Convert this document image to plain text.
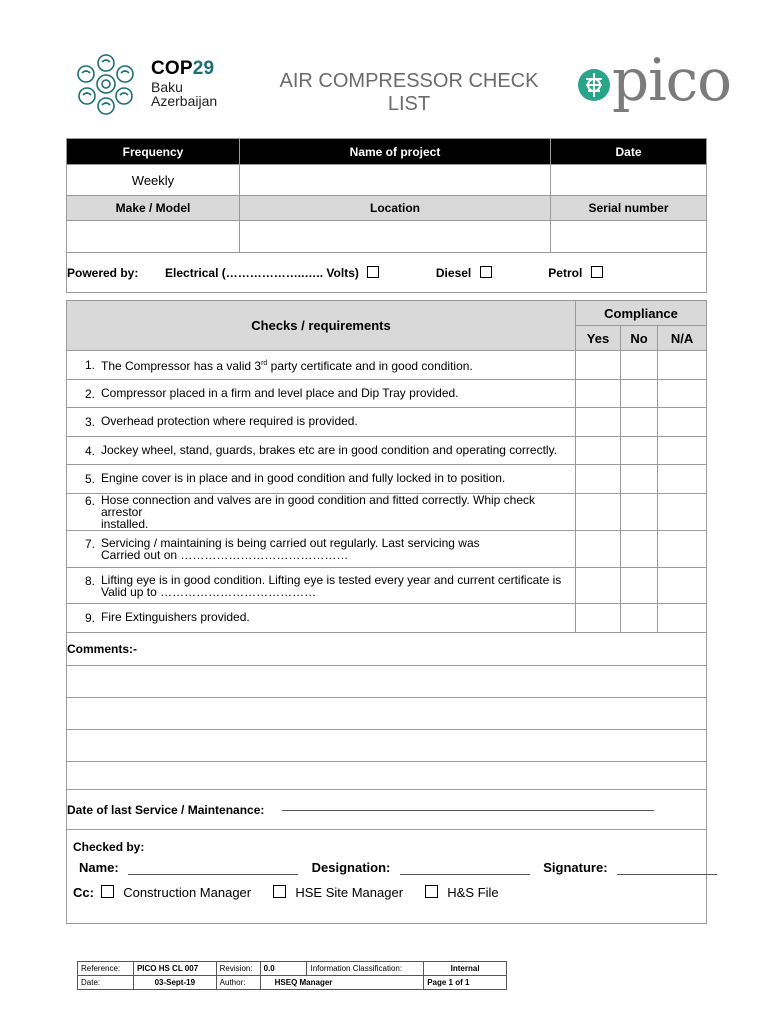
COP29
Baku
Azerbaijan
AIR COMPRESSOR CHECK
LIST	pico
Frequency	Name of project	Date
Weekly		
Make / Model	Location	Serial number

Powered by: Electrical (………………..….. Volts) Diesel Petrol		
Checks / requirements	Compliance		
	Yes	No	N/A

1. The Compressor has a valid 3rd party certificate and in good condition.			

2. Compressor placed in a firm and level place and Dip Tray provided.			

3. Overhead protection where required is provided.			

4. Jockey wheel, stand, guards, brakes etc are in good condition and operating correctly.			

5. Engine cover is in place and in good condition and fully locked in to position.			

6. Hose connection and valves are in good condition and fitted correctly. Whip check arrestor
installed.			

7. Servicing / maintaining is being carried out regularly. Last servicing was
Carried out on ……………………………………			

8. Lifting eye is in good condition. Lifting eye is tested every year and current certificate is
Valid up to …………………………………			

9. Fire Extinguishers provided.			

Comments:-			

Date of last Service / Maintenance:			

Checked by:
Name: Designation: Signature:
Cc: Construction Manager HSE Site Manager H&S File			
Reference:	PICO HS CL 007	Revision:	0.0	Information Classification:	Internal
Date:	03-Sept-19	Author:	HSEQ Manager		Page 1 of 1
